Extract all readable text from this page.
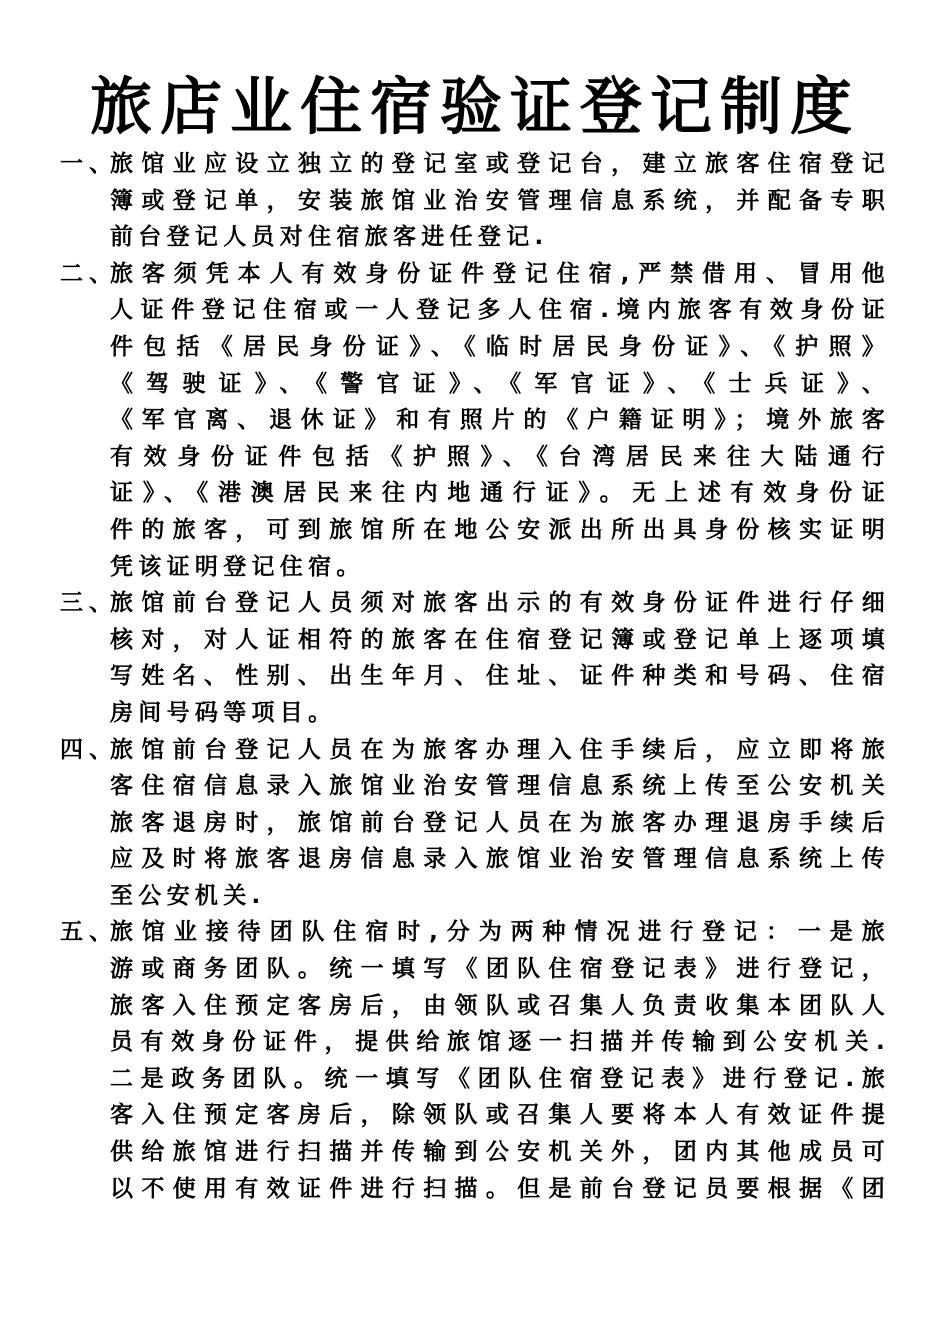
旅店业住宿验证登记制度
一、
旅馆业应设立独立的登记室或登记台，建立旅客住宿登记
簿或登记单，安装旅馆业治安管理信息系统，并配备专职
前台登记人员对住宿旅客进任登记.
二、
旅客须凭本人有效身份证件登记住宿,严禁借用、冒用他
人证件登记住宿或一人登记多人住宿.境内旅客有效身份证
件包括《居民身份证》、《临时居民身份证》、《护照》
《驾驶证》、《警官证》、《军官证》、《士兵证》、
《军官离、退休证》和有照片的《户籍证明》；境外旅客
有效身份证件包括《护照》、《台湾居民来往大陆通行
证》、《港澳居民来往内地通行证》。无上述有效身份证
件的旅客，可到旅馆所在地公安派出所出具身份核实证明
凭该证明登记住宿。
三、
旅馆前台登记人员须对旅客出示的有效身份证件进行仔细
核对，对人证相符的旅客在住宿登记簿或登记单上逐项填
写姓名、性别、出生年月、住址、证件种类和号码、住宿
房间号码等项目。
四、
旅馆前台登记人员在为旅客办理入住手续后，应立即将旅
客住宿信息录入旅馆业治安管理信息系统上传至公安机关
旅客退房时，旅馆前台登记人员在为旅客办理退房手续后
应及时将旅客退房信息录入旅馆业治安管理信息系统上传
至公安机关.
五、
旅馆业接待团队住宿时,分为两种情况进行登记：一是旅
游或商务团队。统一填写《团队住宿登记表》进行登记，
旅客入住预定客房后，由领队或召集人负责收集本团队人
员有效身份证件，提供给旅馆逐一扫描并传输到公安机关.
二是政务团队。统一填写《团队住宿登记表》进行登记.旅
客入住预定客房后，除领队或召集人要将本人有效证件提
供给旅馆进行扫描并传输到公安机关外，团内其他成员可
以不使用有效证件进行扫描。但是前台登记员要根据《团
